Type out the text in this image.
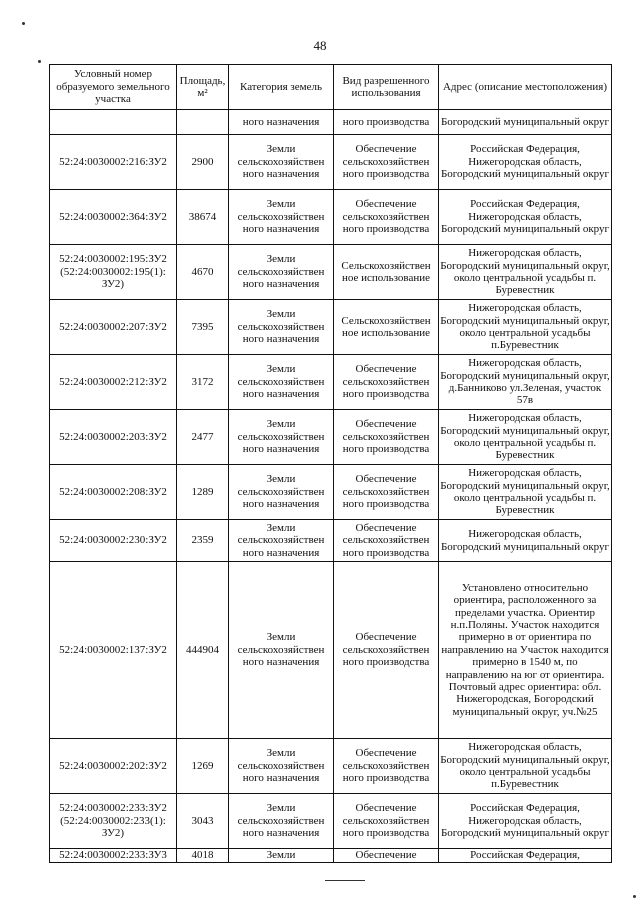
48
Условный номер образуемого земельного участка	Площадь, м²	Категория земель	Вид разрешенного использования	Адрес (описание местоположения)
		ного назначения	ного производства	Богородский муниципальный округ
52:24:0030002:216:ЗУ2	2900	Земли сельскохозяйствен ного назначения	Обеспечение сельскохозяйствен ного производства	Российская Федерация, Нижегородская область, Богородский муниципальный округ
52:24:0030002:364:ЗУ2	38674	Земли сельскохозяйствен ного назначения	Обеспечение сельскохозяйствен ного производства	Российская Федерация, Нижегородская область, Богородский муниципальный округ
52:24:0030002:195:ЗУ2 (52:24:0030002:195(1): ЗУ2)	4670	Земли сельскохозяйствен ного назначения	Сельскохозяйствен ное использование	Нижегородская область, Богородский муниципальный округ, около центральной усадьбы п. Буревестник
52:24:0030002:207:ЗУ2	7395	Земли сельскохозяйствен ного назначения	Сельскохозяйствен ное использование	Нижегородская область, Богородский муниципальный округ, около центральной усадьбы п.Буревестник
52:24:0030002:212:ЗУ2	3172	Земли сельскохозяйствен ного назначения	Обеспечение сельскохозяйствен ного производства	Нижегородская область, Богородский муниципальный округ, д.Банниково ул.Зеленая, участок 57в
52:24:0030002:203:ЗУ2	2477	Земли сельскохозяйствен ного назначения	Обеспечение сельскохозяйствен ного производства	Нижегородская область, Богородский муниципальный округ, около центральной усадьбы п. Буревестник
52:24:0030002:208:ЗУ2	1289	Земли сельскохозяйствен ного назначения	Обеспечение сельскохозяйствен ного производства	Нижегородская область, Богородский муниципальный округ, около центральной усадьбы п. Буревестник
52:24:0030002:230:ЗУ2	2359	Земли сельскохозяйствен ного назначения	Обеспечение сельскохозяйствен ного производства	Нижегородская область, Богородский муниципальный округ
52:24:0030002:137:ЗУ2	444904	Земли сельскохозяйствен ного назначения	Обеспечение сельскохозяйствен ного производства	Установлено относительно ориентира, расположенного за пределами участка. Ориентир н.п.Поляны. Участок находится примерно в от ориентира по направлению на Участок находится примерно в 1540 м, по направлению на юг от ориентира. Почтовый адрес ориентира: обл. Нижегородская, Богородский муниципальный округ, уч.№25
52:24:0030002:202:ЗУ2	1269	Земли сельскохозяйствен ного назначения	Обеспечение сельскохозяйствен ного производства	Нижегородская область, Богородский муниципальный округ, около центральной усадьбы п.Буревестник
52:24:0030002:233:ЗУ2 (52:24:0030002:233(1): ЗУ2)	3043	Земли сельскохозяйствен ного назначения	Обеспечение сельскохозяйствен ного производства	Российская Федерация, Нижегородская область, Богородский муниципальный округ
52:24:0030002:233:ЗУ3	4018	Земли	Обеспечение	Российская Федерация,
